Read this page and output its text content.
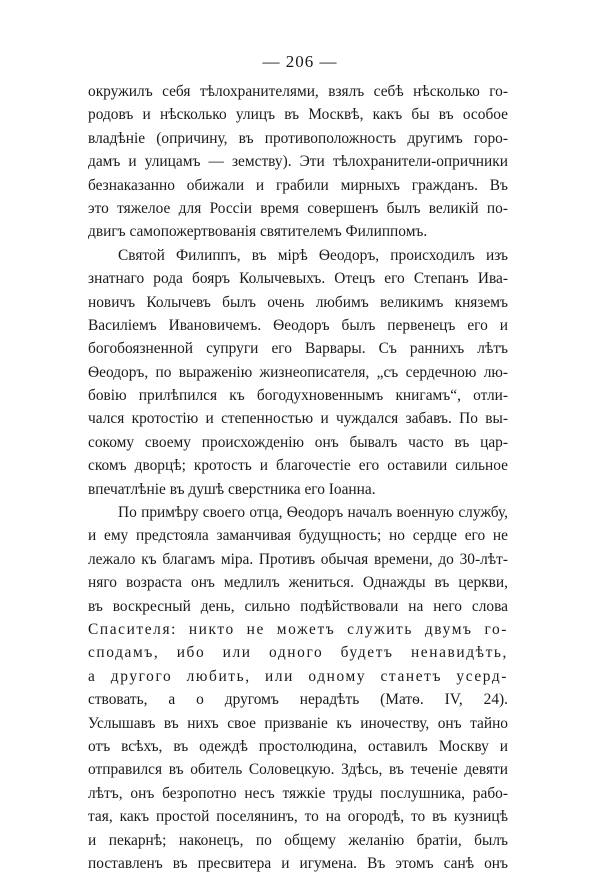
— 206 —
окружилъ себя тѣлохранителями, взялъ себѣ нѣсколько го-
родовъ и нѣсколько улицъ въ Москвѣ, какъ бы въ особое
владѣніе (опричину, въ противоположность другимъ горо-
дамъ и улицамъ — земству). Эти тѣлохранители-опричники
безнаказанно обижали и грабили мирныхъ гражданъ. Въ
это тяжелое для Россіи время совершенъ былъ великій по-
двигъ самопожертвованія святителемъ Филиппомъ.
Святой Филиппъ, въ мірѣ Ѳеодоръ, происходилъ изъ
знатнаго рода бояръ Колычевыхъ. Отецъ его Степанъ Ива-
новичъ Колычевъ былъ очень любимъ великимъ княземъ
Василіемъ Ивановичемъ. Ѳеодоръ былъ первенецъ его и
богобоязненной супруги его Варвары. Съ раннихъ лѣтъ
Ѳеодоръ, по выраженію жизнеописателя, „съ сердечною лю-
бовію прилѣпился къ богодухновеннымъ книгамъ“, отли-
чался кротостію и степенностью и чуждался забавъ. По вы-
сокому своему происхожденію онъ бывалъ часто въ цар-
скомъ дворцѣ; кротость и благочестіе его оставили сильное
впечатлѣніе въ душѣ сверстника его Іоанна.
По примѣру своего отца, Ѳеодоръ началъ военную службу,
и ему предстояла заманчивая будущность; но сердце его не
лежало къ благамъ міра. Противъ обычая времени, до 30-лѣт-
няго возраста онъ медлилъ жениться. Однажды въ церкви,
въ воскресный день, сильно подѣйствовали на него слова
Спасителя: никто не можетъ служить двумъ го-
сподамъ, ибо или одного будетъ ненавидѣть,
а другого любить, или одному станетъ усерд-
ствовать, а о другомъ нерадѣть (Матѳ. IV, 24).
Услышавъ въ нихъ свое призваніе къ иночеству, онъ тайно
отъ всѣхъ, въ одеждѣ простолюдина, оставилъ Москву и
отправился въ обитель Соловецкую. Здѣсь, въ теченіе девяти
лѣтъ, онъ безропотно несъ тяжкіе труды послушника, рабо-
тая, какъ простой поселянинъ, то на огородѣ, то въ кузницѣ
и пекарнѣ; наконецъ, по общему желанію братіи, былъ
поставленъ въ пресвитера и игумена. Въ этомъ санѣ онъ
